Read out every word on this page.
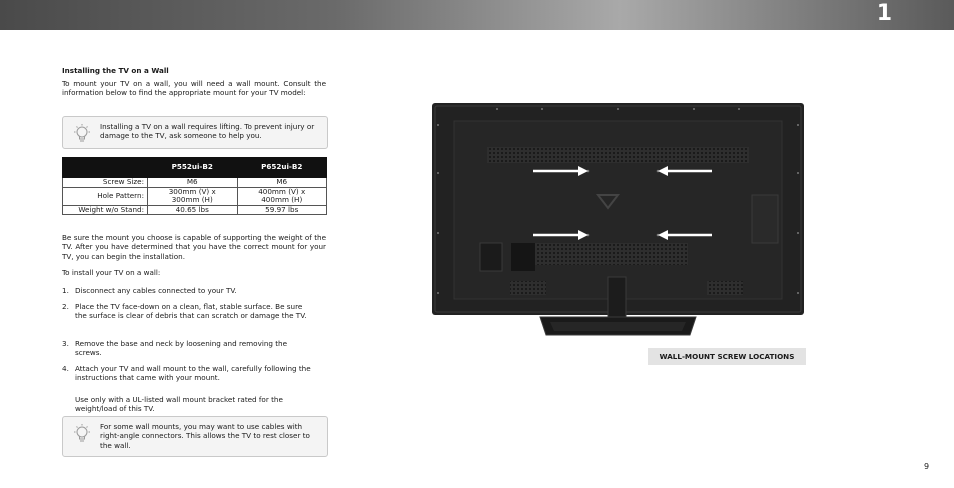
1
Installing the TV on a Wall

To mount your TV on a wall, you will need a wall mount. Consult the information below to find the appropriate mount for your TV model:

Installing a TV on a wall requires lifting. To prevent injury or damage to the TV, ask someone to help you.

	P552ui-B2	P652ui-B2
Screw Size:	M6	M6
Hole Pattern:	300mm (V) x 300mm (H)	400mm (V) x 400mm (H)
Weight w/o Stand:	40.65 lbs	59.97 lbs

Be sure the mount you choose is capable of supporting the weight of the TV. After you have determined that you have the correct mount for your TV, you can begin the installation.

To install your TV on a wall:

1. Disconnect any cables connected to your TV.
2. Place the TV face-down on a clean, flat, stable surface. Be sure the surface is clear of debris that can scratch or damage the TV.
3. Remove the base and neck by loosening and removing the screws.
4. Attach your TV and wall mount to the wall, carefully following the instructions that came with your mount.

Use only with a UL-listed wall mount bracket rated for the weight/load of this TV.

For some wall mounts, you may want to use cables with right-angle connectors. This allows the TV to rest closer to the wall.

WALL-MOUNT SCREW LOCATIONS
9
